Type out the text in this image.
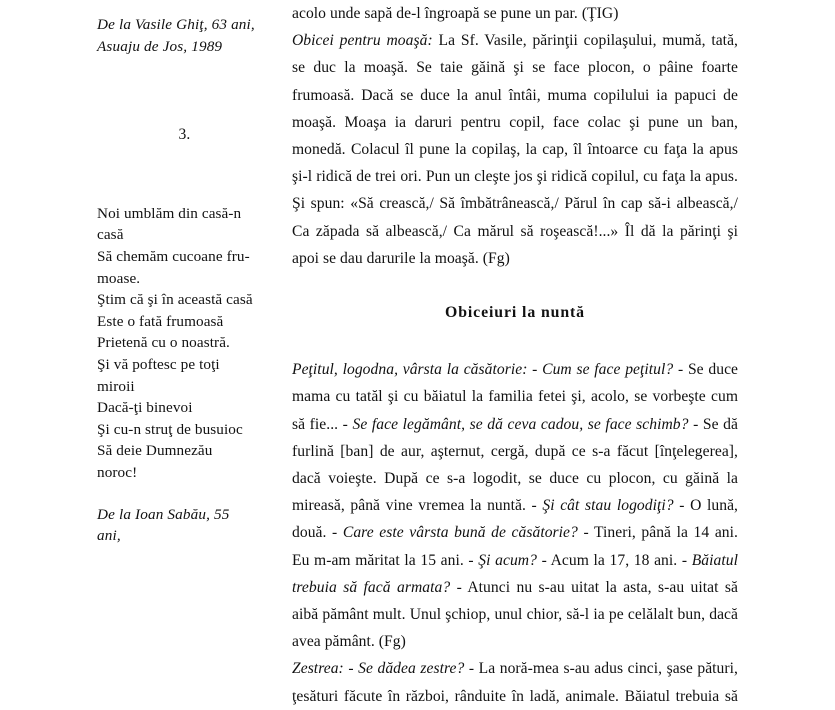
De la Vasile Ghiţ, 63 ani,
Asuaju de Jos, 1989
3.
Noi umblăm din casă-n
casă
Să chemăm cucoane fru-
moase.
Ştim că şi în această casă
Este o fată frumoasă
Prietenă cu o noastră.
Şi vă poftesc pe toţi
miroii
Dacă-ţi binevoi
Şi cu-n struţ de busuioc
Să deie Dumnezău
noroc!
De la Ioan Sabău, 55
ani,
acolo unde sapă de-l îngroapă se pune un par. (ŢIG)
Obicei pentru moaşă: La Sf. Vasile, părinţii copilaşului, mumă, tată,
se duc la moaşă. Se taie găină şi se face plocon, o pâine foarte
frumoasă. Dacă se duce la anul întâi, muma copilului ia papuci de
moaşă. Moaşa ia daruri pentru copil, face colac şi pune un ban,
monedă. Colacul îl pune la copilaş, la cap, îl întoarce cu faţa la apus
şi-l ridică de trei ori. Pun un cleşte jos şi ridică copilul, cu faţa la apus.
Şi spun: «Să crească,/ Să îmbătrânească,/ Părul în cap să-i albească,/
Ca zăpada să albească,/ Ca mărul să roşească!...» Îl dă la părinţi şi
apoi se dau darurile la moaşă. (Fg)
Obiceiuri la nuntă
Peţitul, logodna, vârsta la căsătorie: - Cum se face peţitul? - Se duce
mama cu tatăl şi cu băiatul la familia fetei şi, acolo, se vorbeşte cum
să fie... - Se face legământ, se dă ceva cadou, se face schimb? - Se dă
furlină [ban] de aur, aşternut, cergă, după ce s-a făcut [înţelegerea],
dacă voieşte. După ce s-a logodit, se duce cu plocon, cu găină la
mireasă, până vine vremea la nuntă. - Şi cât stau logodiţi? - O lună,
două. - Care este vârsta bună de căsătorie? - Tineri, până la 14 ani.
Eu m-am măritat la 15 ani. - Şi acum? - Acum la 17, 18 ani. - Băiatul
trebuia să facă armata? - Atunci nu s-au uitat la asta, s-au uitat să
aibă pământ mult. Unul şchiop, unul chior, să-l ia pe celălalt bun, dacă
avea pământ. (Fg)
Zestrea: - Se dădea zestre? - La noră-mea s-au adus cinci, şase pături,
ţesături făcute în război, rânduite în ladă, animale. Băiatul trebuia să
